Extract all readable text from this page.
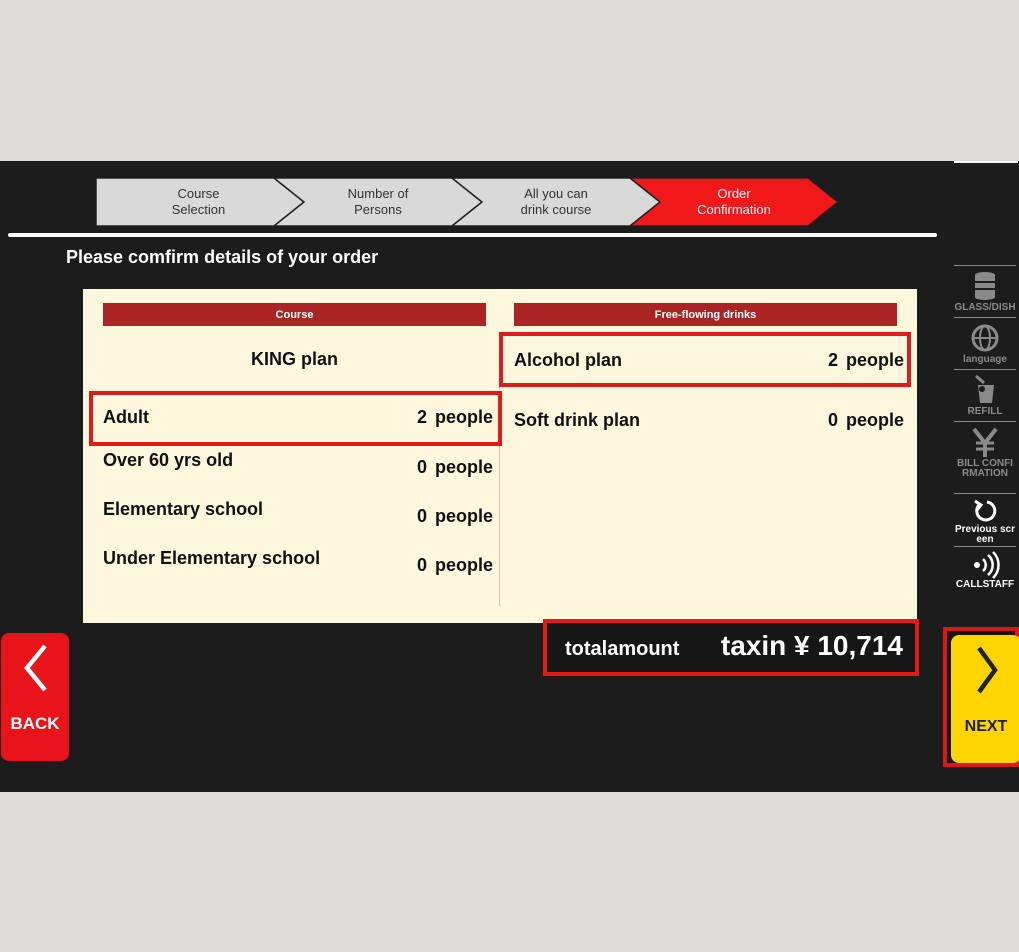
Course
Selection
Number of
Persons
All you can
drink course
Order
Confirmation
Please comfirm details of your order
Course	Free-flowing drinks
KING plan
Adult	2 people
Over 60 yrs old	0 people
Elementary school	0 people
Under Elementary school	0 people
Alcohol plan	2 people
Soft drink plan	0 people
totalamount taxin ¥ 10,714
BACK	NEXT
GLASS/DISH
language
REFILL
BILL CONFIRMATION
Previous screen
CALLSTAFF
